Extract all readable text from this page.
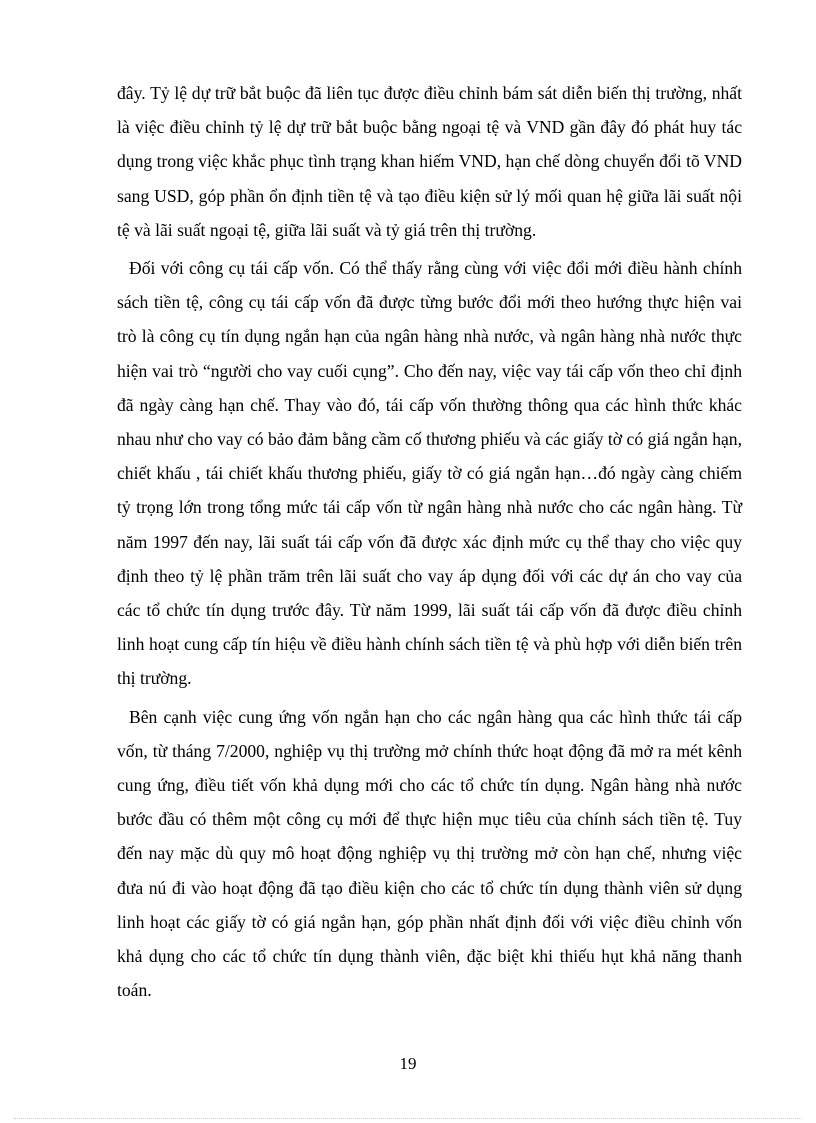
đây. Tỷ lệ dự trữ bắt buộc đã liên tục được điều chỉnh bám sát diễn biến thị trường, nhất là việc điều chỉnh tỷ lệ dự trữ bắt buộc bằng ngoại tệ và VND gần đây đó phát huy tác dụng trong việc khắc phục tình trạng khan hiếm VND, hạn chế dòng chuyển đổi tõ VND sang USD, góp phần ổn định tiền tệ và tạo điều kiện sử lý mối quan hệ giữa lãi suất nội tệ và lãi suất ngoại tệ, giữa lãi suất và tỷ giá trên thị trường.

Đối với công cụ tái cấp vốn. Có thể thấy rằng cùng với việc đổi mới điều hành chính sách tiền tệ, công cụ tái cấp vốn đã được từng bước đổi mới theo hướng thực hiện vai trò là công cụ tín dụng ngắn hạn của ngân hàng nhà nước, và ngân hàng nhà nước thực hiện vai trò “người cho vay cuối cụng”. Cho đến nay, việc vay tái cấp vốn theo chỉ định đã ngày càng hạn chế. Thay vào đó, tái cấp vốn thường thông qua các hình thức khác nhau như cho vay có bảo đảm bằng cầm cố thương phiếu và các giấy tờ có giá ngắn hạn, chiết khấu , tái chiết khấu thương phiếu, giấy tờ có giá ngắn hạn…đó ngày càng chiếm tỷ trọng lớn trong tổng mức tái cấp vốn từ ngân hàng nhà nước cho các ngân hàng. Từ năm 1997 đến nay, lãi suất tái cấp vốn đã được xác định mức cụ thể thay cho việc quy định theo tỷ lệ phần trăm trên lãi suất cho vay áp dụng đối với các dự án cho vay của các tổ chức tín dụng trước đây. Từ năm 1999, lãi suất tái cấp vốn đã được điều chỉnh linh hoạt cung cấp tín hiệu về điều hành chính sách tiền tệ và phù hợp với diễn biến trên thị trường.

Bên cạnh việc cung ứng vốn ngắn hạn cho các ngân hàng qua các hình thức tái cấp vốn, từ tháng 7/2000, nghiệp vụ thị trường mở chính thức hoạt động đã mở ra mét kênh cung ứng, điều tiết vốn khả dụng mới cho các tổ chức tín dụng. Ngân hàng nhà nước bước đầu có thêm một công cụ mới để thực hiện mục tiêu của chính sách tiền tệ. Tuy đến nay mặc dù quy mô hoạt động nghiệp vụ thị trường mở còn hạn chế, nhưng việc đưa nú đi vào hoạt động đã tạo điều kiện cho các tổ chức tín dụng thành viên sử dụng linh hoạt các giấy tờ có giá ngắn hạn, góp phần nhất định đối với việc điều chỉnh vốn khả dụng cho các tổ chức tín dụng thành viên, đặc biệt khi thiếu hụt khả năng thanh toán.

19
